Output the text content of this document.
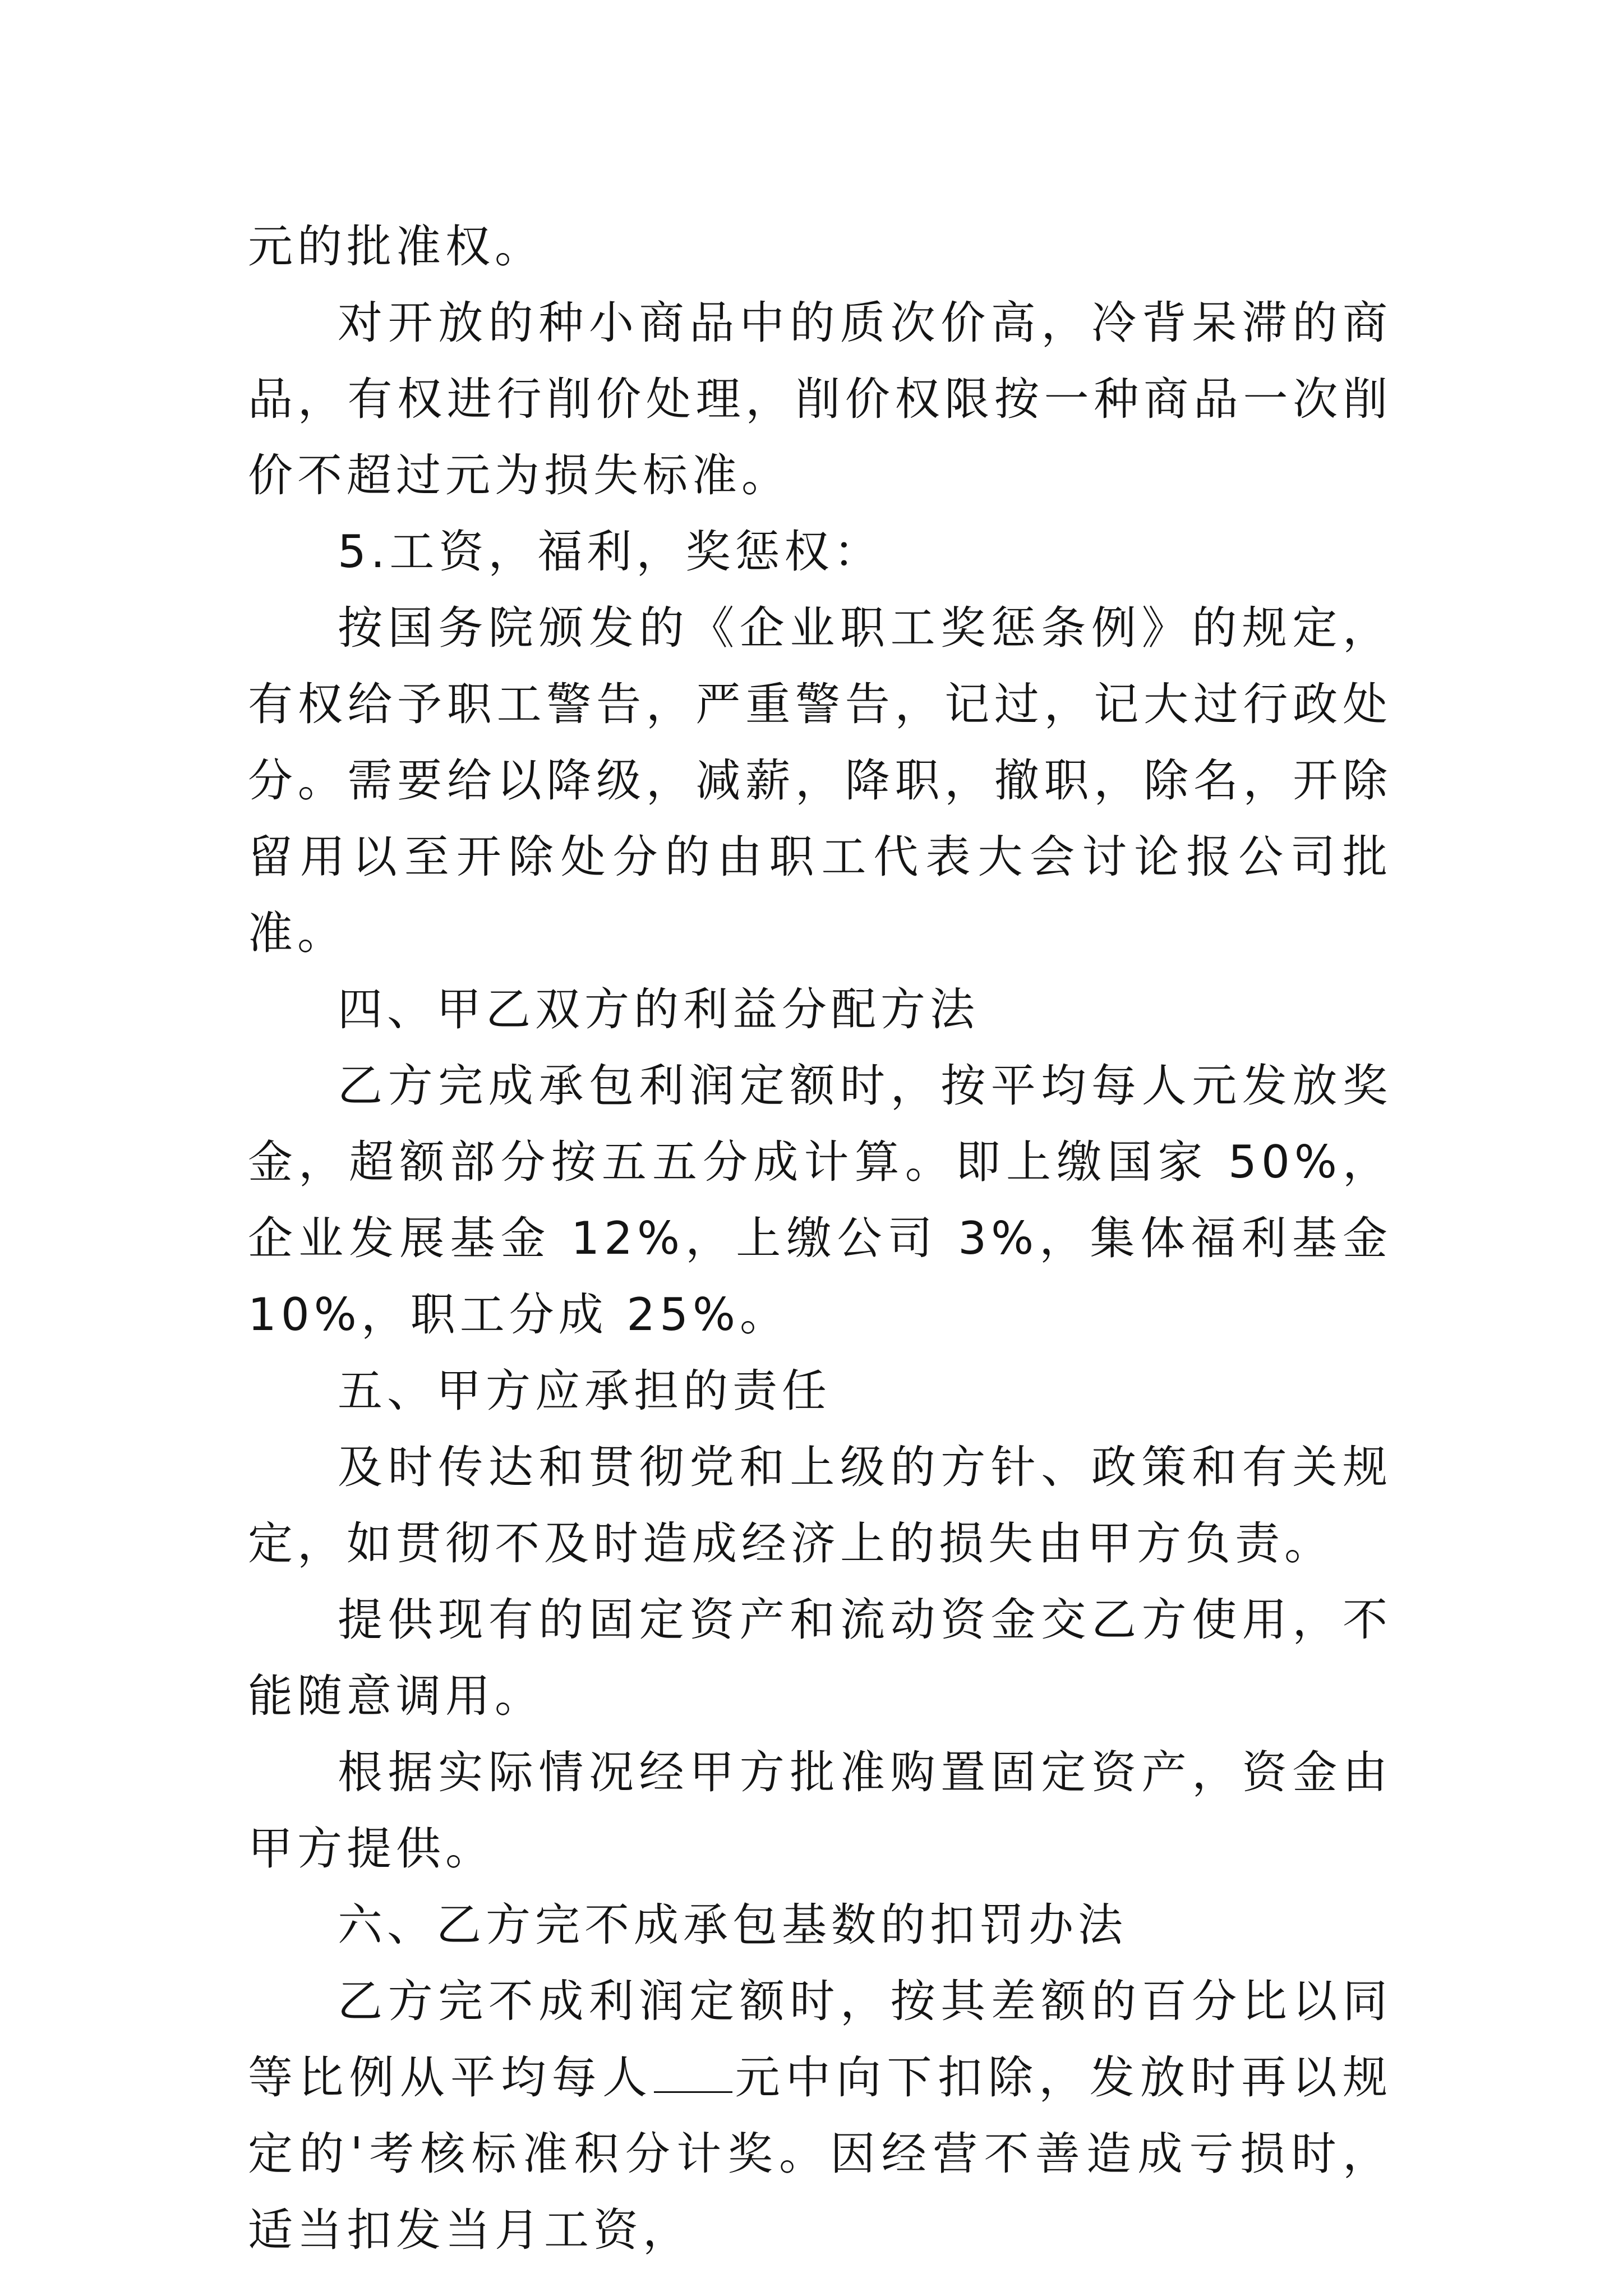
元的批准权。

对开放的种小商品中的质次价高，冷背呆滞的商品，有权进行削价处理，削价权限按一种商品一次削价不超过元为损失标准。

5.工资，福利，奖惩权：

按国务院颁发的《企业职工奖惩条例》的规定，有权给予职工警告，严重警告，记过，记大过行政处分。需要给以降级，减薪，降职，撤职，除名，开除留用以至开除处分的由职工代表大会讨论报公司批准。

四、甲乙双方的利益分配方法

乙方完成承包利润定额时，按平均每人元发放奖金，超额部分按五五分成计算。即上缴国家 50%，企业发展基金 12%，上缴公司 3%，集体福利基金 10%，职工分成 25%。

五、甲方应承担的责任

及时传达和贯彻党和上级的方针、政策和有关规定，如贯彻不及时造成经济上的损失由甲方负责。

提供现有的固定资产和流动资金交乙方使用，不能随意调用。

根据实际情况经甲方批准购置固定资产，资金由甲方提供。

六、乙方完不成承包基数的扣罚办法

乙方完不成利润定额时，按其差额的百分比以同等比例从平均每人 元中向下扣除，发放时再以规定的'考核标准积分计奖。因经营不善造成亏损时，适当扣发当月工资，
